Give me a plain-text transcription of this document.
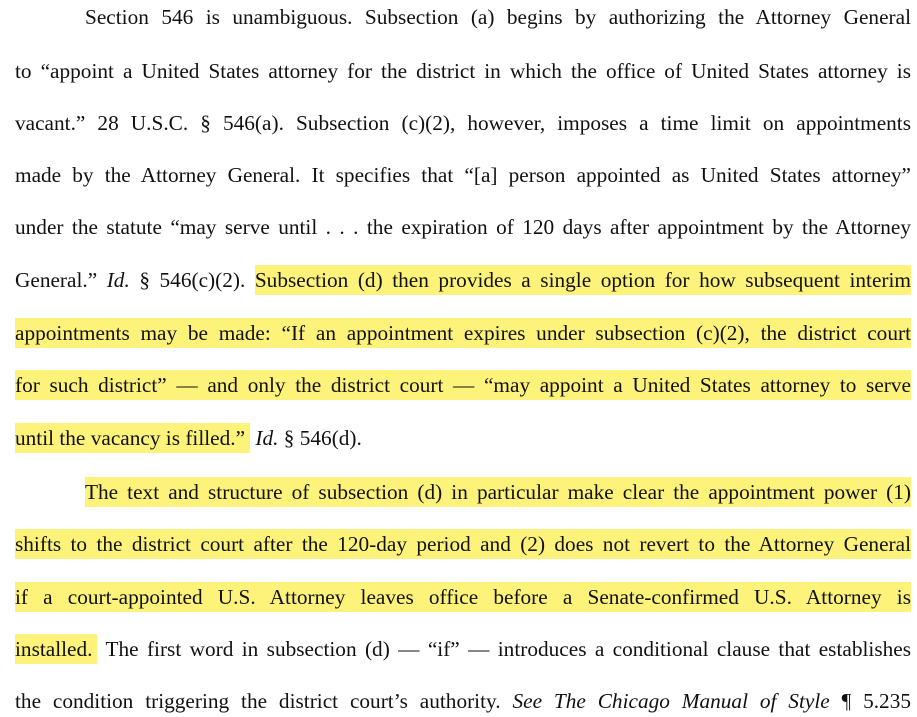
Section 546 is unambiguous. Subsection (a) begins by authorizing the Attorney General
to “appoint a United States attorney for the district in which the office of United States attorney is
vacant.” 28 U.S.C. § 546(a). Subsection (c)(2), however, imposes a time limit on appointments
made by the Attorney General. It specifies that “[a] person appointed as United States attorney”
under the statute “may serve until . . . the expiration of 120 days after appointment by the Attorney
General.” Id. § 546(c)(2). Subsection (d) then provides a single option for how subsequent interim
appointments may be made: “If an appointment expires under subsection (c)(2), the district court
for such district” — and only the district court — “may appoint a United States attorney to serve
until the vacancy is filled.” Id. § 546(d).
The text and structure of subsection (d) in particular make clear the appointment power (1)
shifts to the district court after the 120-day period and (2) does not revert to the Attorney General
if a court-appointed U.S. Attorney leaves office before a Senate-confirmed U.S. Attorney is
installed. The first word in subsection (d) — “if” — introduces a conditional clause that establishes
the condition triggering the district court’s authority. See The Chicago Manual of Style ¶ 5.235
